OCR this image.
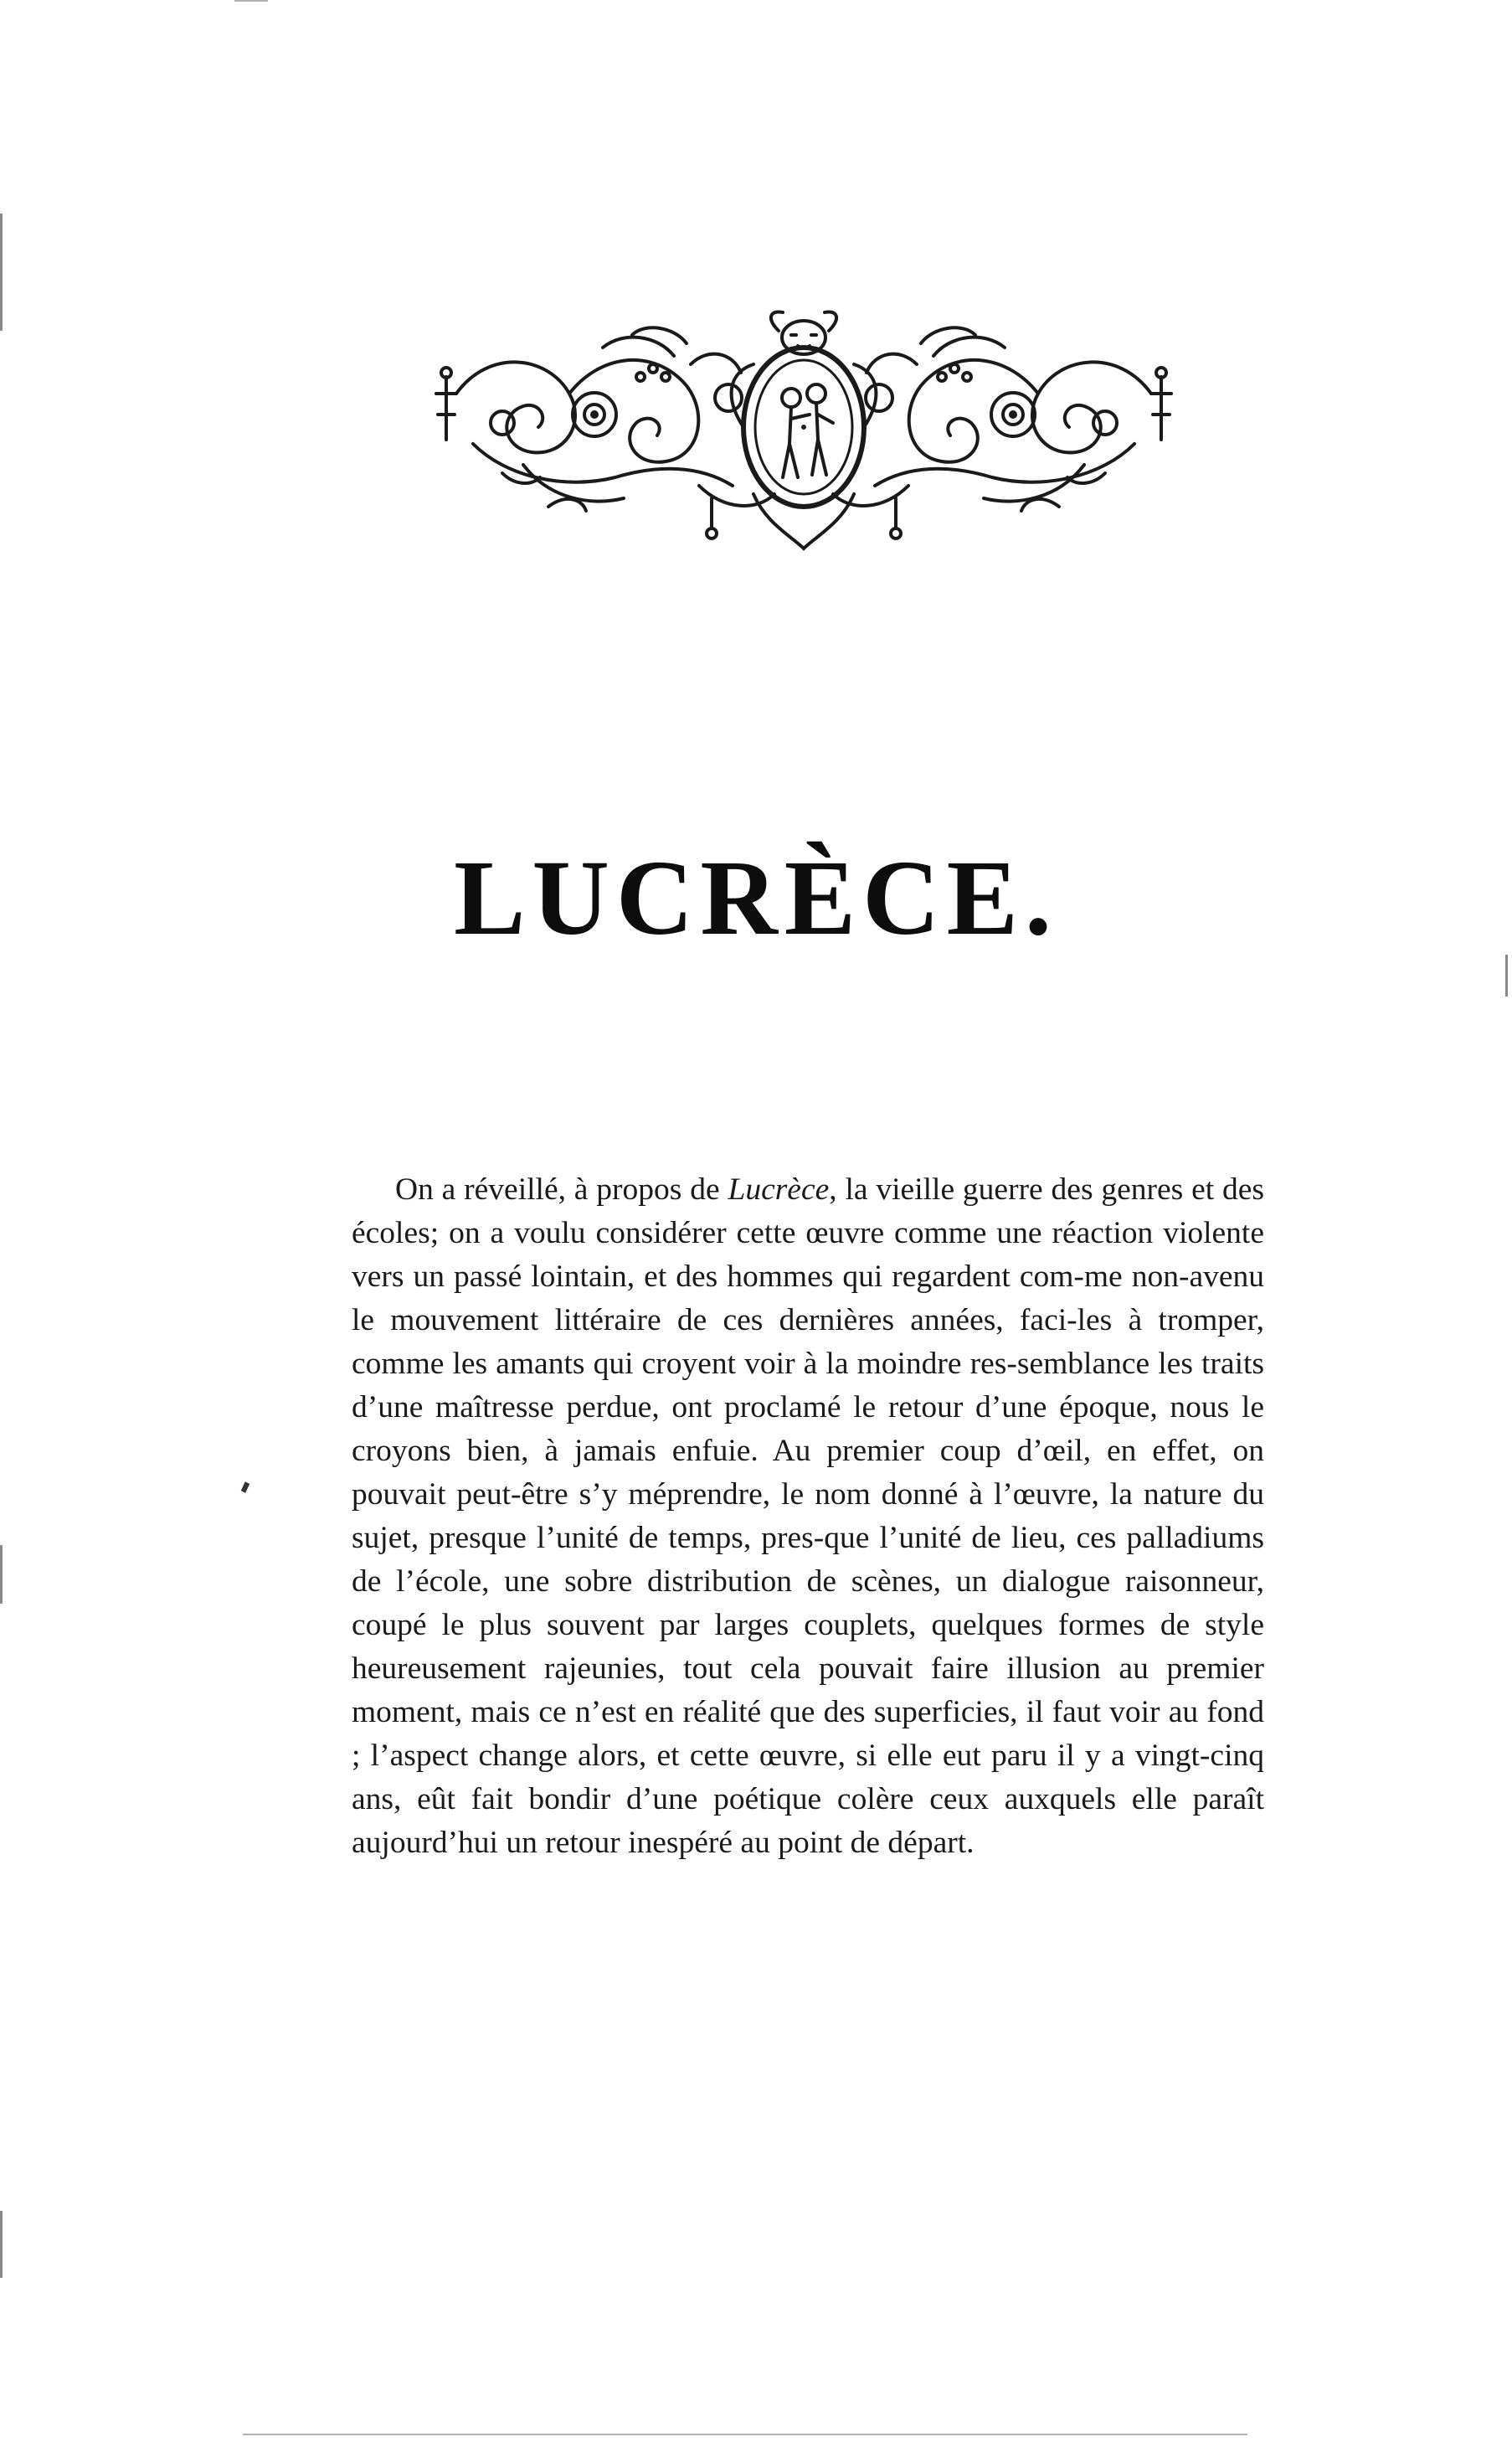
LUCRÈCE.

On a réveillé, à propos de Lucrèce, la vieille guerre des genres et des écoles; on a voulu considérer cette œuvre comme une réaction violente vers un passé lointain, et des hommes qui regardent com-me non-avenu le mouvement littéraire de ces dernières années, faci-les à tromper, comme les amants qui croyent voir à la moindre res-semblance les traits d’une maîtresse perdue, ont proclamé le retour d’une époque, nous le croyons bien, à jamais enfuie. Au premier coup d’œil, en effet, on pouvait peut-être s’y méprendre, le nom donné à l’œuvre, la nature du sujet, presque l’unité de temps, pres-que l’unité de lieu, ces palladiums de l’école, une sobre distribution de scènes, un dialogue raisonneur, coupé le plus souvent par larges couplets, quelques formes de style heureusement rajeunies, tout cela pouvait faire illusion au premier moment, mais ce n’est en réalité que des superficies, il faut voir au fond ; l’aspect change alors, et cette œuvre, si elle eut paru il y a vingt-cinq ans, eût fait bondir d’une poétique colère ceux auxquels elle paraît aujourd’hui un retour inespéré au point de départ.
